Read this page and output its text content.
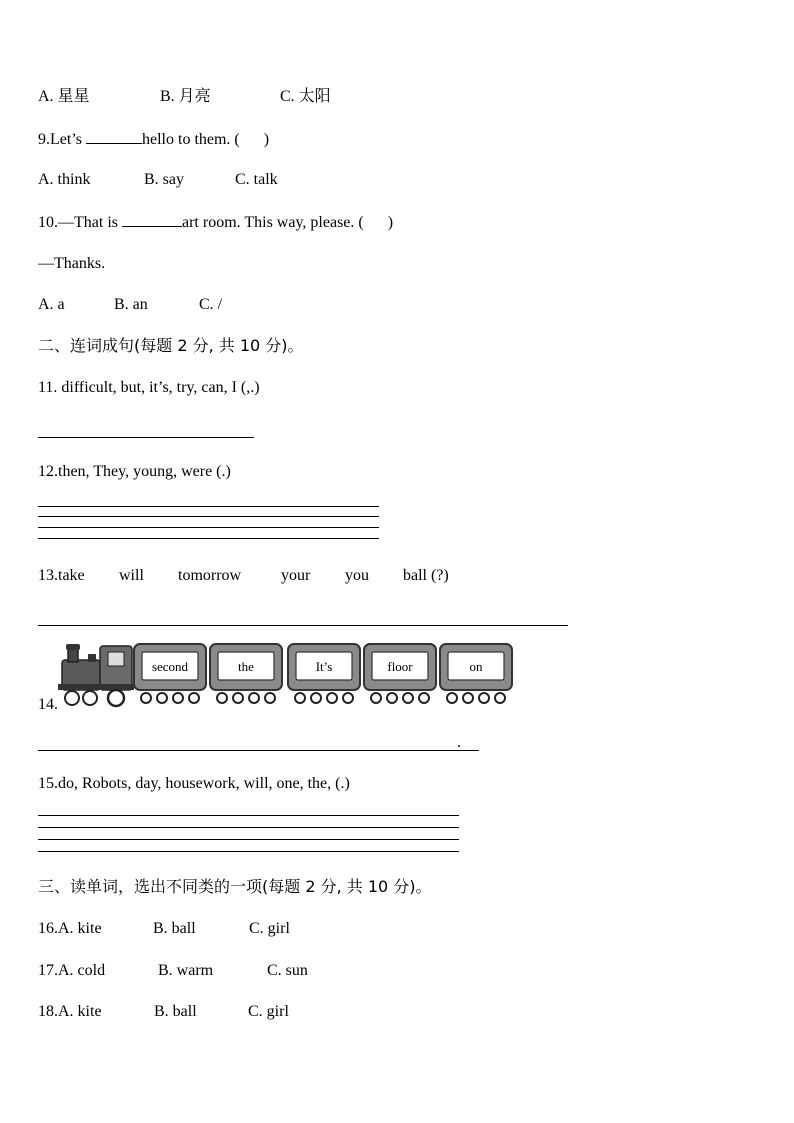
A. 星星	B. 月亮	C. 太阳
9.Let’s	hello to them. ( )
A. think	B. say	C. talk
10.—That is	art room. This way, please. ( )
—Thanks.
A. a	B. an	C. /
二、连词成句(每题 2 分, 共 10 分)。
11. difficult, but, it’s, try, can, I (,.)
12.then, They, young, were (.)
13.take will tomorrow your you ball (?)
14.
second	the	It’s	floor	on
.
15.do, Robots, day, housework, will, one, the, (.)
三、读单词，选出不同类的一项(每题 2 分, 共 10 分)。
16.A. kite	B. ball	C. girl
17.A. cold	B. warm	C. sun
18.A. kite	B. ball	C. girl
